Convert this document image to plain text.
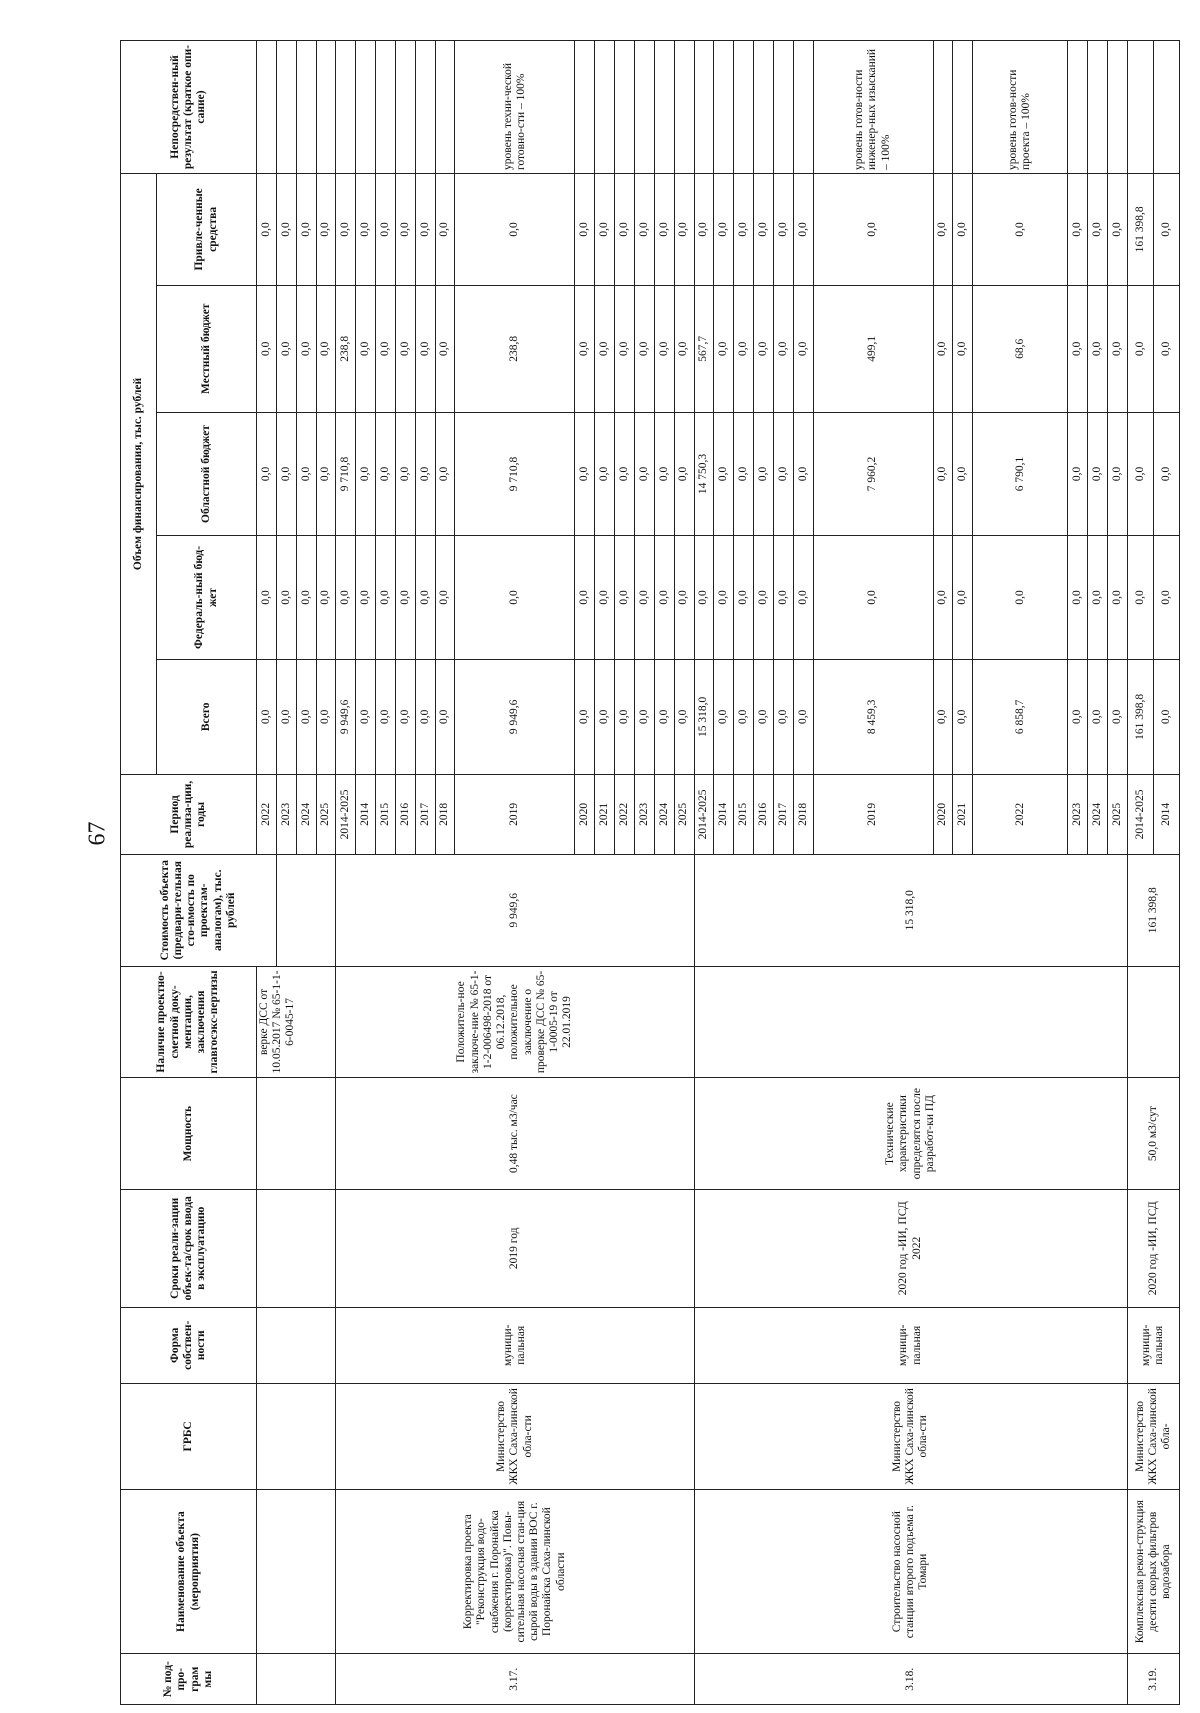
67
№ под-про-грам мы	Наименование объекта (мероприятия)	ГРБС	Форма собствен-ности	Сроки реали-зации объек-та/срок ввода в эксплуатацию	Мощность	Наличие проектно-сметной доку-ментации, заключения главгосэкс-пертизы	Стоимость объекта (предвари-тельная сто-имость по проектам-аналогам), тыс. рублей	Период реализа-ции, годы	Объем финансирования, тыс. рублей					Непосредствен-ный результат (краткое опи-сание)
									Всего	Федераль-ный бюд-жет	Областной бюджет	Местный бюджет	Привле-ченные средства	
						верке ДСС от 10.05.2017 № 65-1-1-6-0045-17		2022	0,0	0,0	0,0	0,0	0,0	
								2023	0,0	0,0	0,0	0,0	0,0	
								2024	0,0	0,0	0,0	0,0	0,0	
								2025	0,0	0,0	0,0	0,0	0,0	
3.17.	Корректировка проекта "Реконструкция водо-снабжения г. Поронайска (корректировка)". Повы-сительная насосная стан-ция сырой воды в здании ВОС г. Поронайска Саха-линской области	Министерство ЖКХ Саха-линской обла-сти	муници-пальная	2019 год	0,48 тыс. м3/час	Положитель-ное заключе-ние № 65-1-1-2-006498-2018 от 06.12.2018, положительное заключение о проверке ДСС № 65-1-0005-19 от 22.01.2019	9 949,6	2014-2025	9 949,6	0,0	9 710,8	238,8	0,0	
								2014	0,0	0,0	0,0	0,0	0,0	
								2015	0,0	0,0	0,0	0,0	0,0	
								2016	0,0	0,0	0,0	0,0	0,0	
								2017	0,0	0,0	0,0	0,0	0,0	
								2018	0,0	0,0	0,0	0,0	0,0	
								2019	9 949,6	0,0	9 710,8	238,8	0,0	уровень техни-ческой готовно-сти – 100%
								2020	0,0	0,0	0,0	0,0	0,0	
								2021	0,0	0,0	0,0	0,0	0,0	
								2022	0,0	0,0	0,0	0,0	0,0	
								2023	0,0	0,0	0,0	0,0	0,0	
								2024	0,0	0,0	0,0	0,0	0,0	
								2025	0,0	0,0	0,0	0,0	0,0	
3.18.	Строительство насосной станции второго подъема г. Томари	Министерство ЖКХ Саха-линской обла-сти	муници-пальная	2020 год -ИИ, ПСД 2022	Технические характеристики определятся после разработ-ки ПД		15 318,0	2014-2025	15 318,0	0,0	14 750,3	567,7	0,0	
								2014	0,0	0,0	0,0	0,0	0,0	
								2015	0,0	0,0	0,0	0,0	0,0	
								2016	0,0	0,0	0,0	0,0	0,0	
								2017	0,0	0,0	0,0	0,0	0,0	
								2018	0,0	0,0	0,0	0,0	0,0	
								2019	8 459,3	0,0	7 960,2	499,1	0,0	уровень готов-ности инженер-ных изысканий – 100%
								2020	0,0	0,0	0,0	0,0	0,0	
								2021	0,0	0,0	0,0	0,0	0,0	
								2022	6 858,7	0,0	6 790,1	68,6	0,0	уровень готов-ности проекта – 100%
								2023	0,0	0,0	0,0	0,0	0,0	
								2024	0,0	0,0	0,0	0,0	0,0	
								2025	0,0	0,0	0,0	0,0	0,0	
3.19.	Комплексная рекон-струкция десяти скорых фильтров водозабора	Министерство ЖКХ Саха-линской обла-	муници-пальная	2020 год -ИИ, ПСД	50,0 м3/сут		161 398,8	2014-2025	161 398,8	0,0	0,0	0,0	161 398,8	
								2014	0,0	0,0	0,0	0,0	0,0	
